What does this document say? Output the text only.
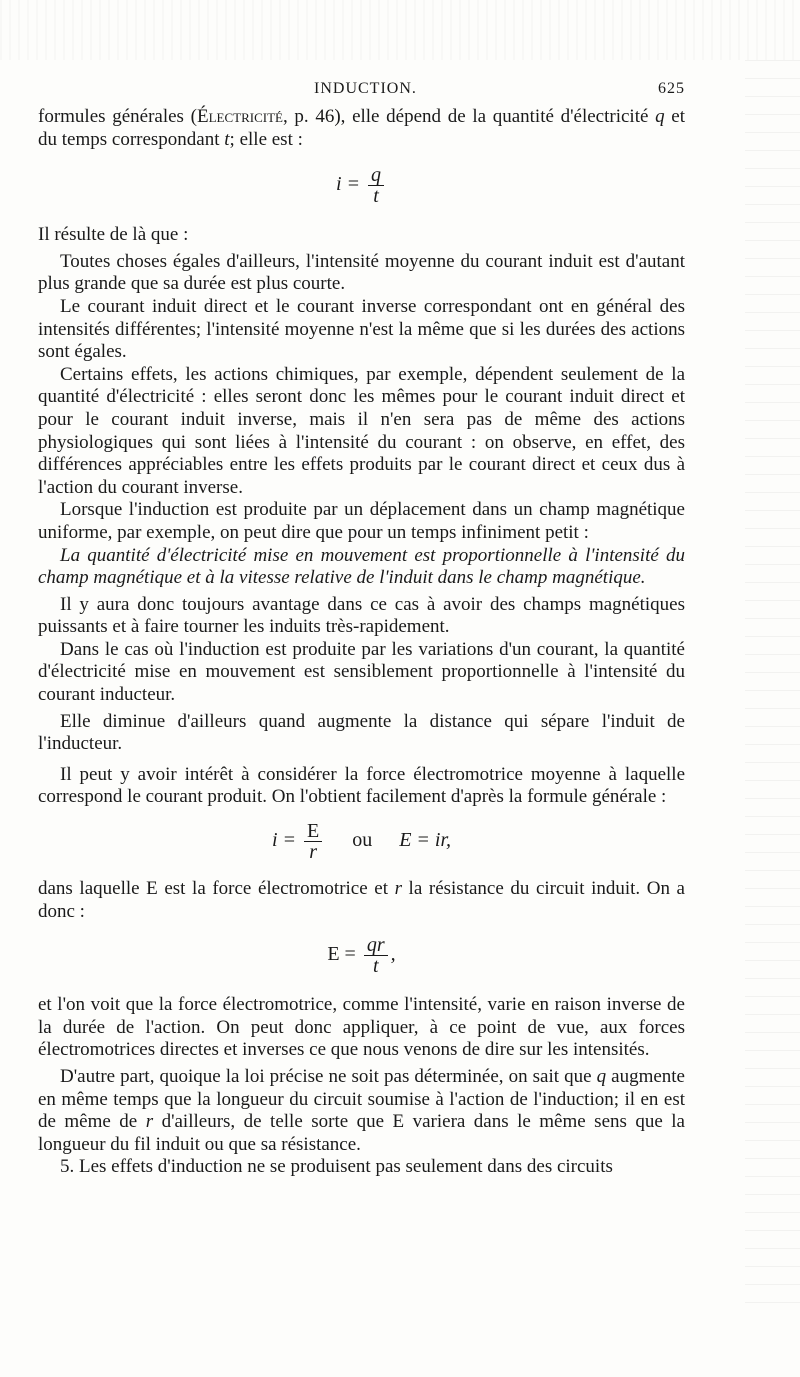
INDUCTION.	625

formules générales (Électricité, p. 46), elle dépend de la quantité d'électricité q et du temps correspondant t; elle est :

$i = \frac{q}{t}$

Il résulte de là que :

Toutes choses égales d'ailleurs, l'intensité moyenne du courant induit est d'autant plus grande que sa durée est plus courte.

Le courant induit direct et le courant inverse correspondant ont en général des intensités différentes; l'intensité moyenne n'est la même que si les durées des actions sont égales.

Certains effets, les actions chimiques, par exemple, dépendent seulement de la quantité d'électricité : elles seront donc les mêmes pour le courant induit direct et pour le courant induit inverse, mais il n'en sera pas de même des actions physiologiques qui sont liées à l'intensité du courant : on observe, en effet, des différences appréciables entre les effets produits par le courant direct et ceux dus à l'action du courant inverse.

Lorsque l'induction est produite par un déplacement dans un champ magnétique uniforme, par exemple, on peut dire que pour un temps infiniment petit :

La quantité d'électricité mise en mouvement est proportionnelle à l'intensité du champ magnétique et à la vitesse relative de l'induit dans le champ magnétique.

Il y aura donc toujours avantage dans ce cas à avoir des champs magnétiques puissants et à faire tourner les induits très-rapidement.

Dans le cas où l'induction est produite par les variations d'un courant, la quantité d'électricité mise en mouvement est sensiblement proportionnelle à l'intensité du courant inducteur.

Elle diminue d'ailleurs quand augmente la distance qui sépare l'induit de l'inducteur.

Il peut y avoir intérêt à considérer la force électromotrice moyenne à laquelle correspond le courant produit. On l'obtient facilement d'après la formule générale :

$i = \frac{E}{r}$ ou E = ir,

dans laquelle E est la force électromotrice et r la résistance du circuit induit. On a donc :

$E = \frac{qr}{t}$ ,

et l'on voit que la force électromotrice, comme l'intensité, varie en raison inverse de la durée de l'action. On peut donc appliquer, à ce point de vue, aux forces électromotrices directes et inverses ce que nous venons de dire sur les intensités.

D'autre part, quoique la loi précise ne soit pas déterminée, on sait que q augmente en même temps que la longueur du circuit soumise à l'action de l'induction; il en est de même de r d'ailleurs, de telle sorte que E variera dans le même sens que la longueur du fil induit ou que sa résistance.

5. Les effets d'induction ne se produisent pas seulement dans des circuits
